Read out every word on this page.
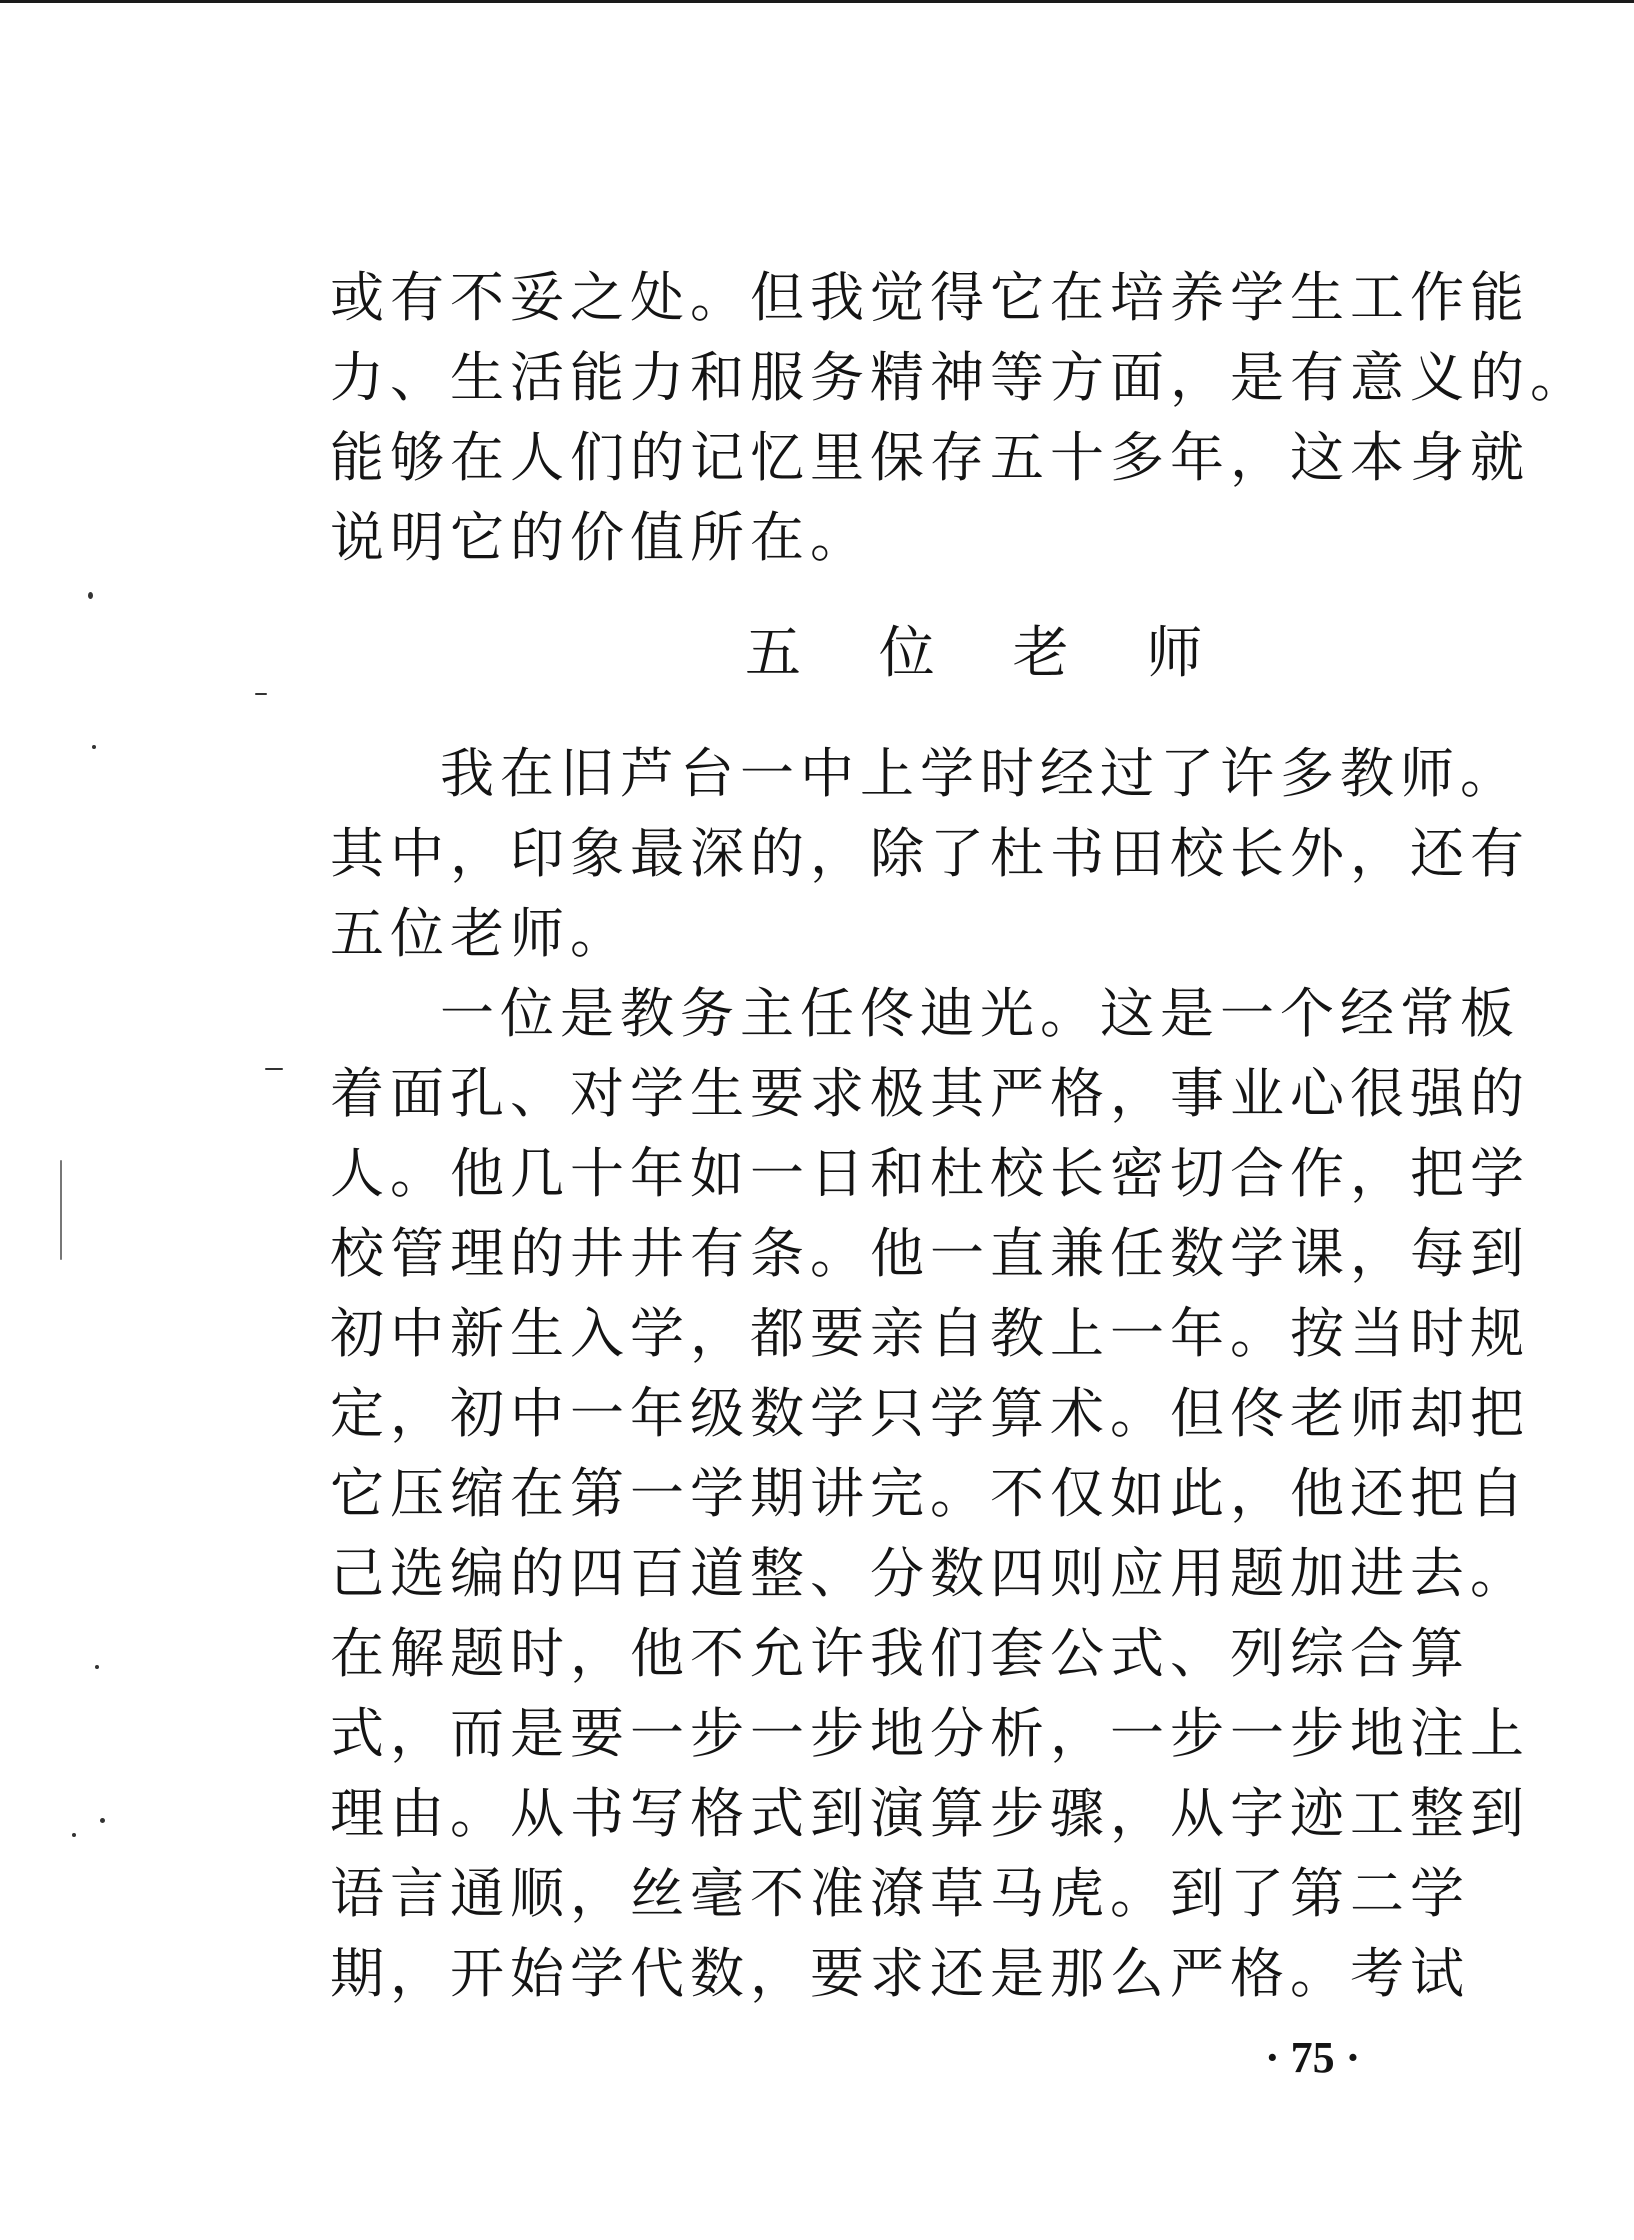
或有不妥之处。但我觉得它在培养学生工作能
力、生活能力和服务精神等方面，是有意义的。
能够在人们的记忆里保存五十多年，这本身就
说明它的价值所在。
五 位 老 师
我在旧芦台一中上学时经过了许多教师。
其中，印象最深的，除了杜书田校长外，还有
五位老师。
一位是教务主任佟迪光。这是一个经常板
着面孔、对学生要求极其严格，事业心很强的
人。他几十年如一日和杜校长密切合作，把学
校管理的井井有条。他一直兼任数学课，每到
初中新生入学，都要亲自教上一年。按当时规
定，初中一年级数学只学算术。但佟老师却把
它压缩在第一学期讲完。不仅如此，他还把自
己选编的四百道整、分数四则应用题加进去。
在解题时，他不允许我们套公式、列综合算
式，而是要一步一步地分析，一步一步地注上
理由。从书写格式到演算步骤，从字迹工整到
语言通顺，丝毫不准潦草马虎。到了第二学
期，开始学代数，要求还是那么严格。考试
· 75 ·
